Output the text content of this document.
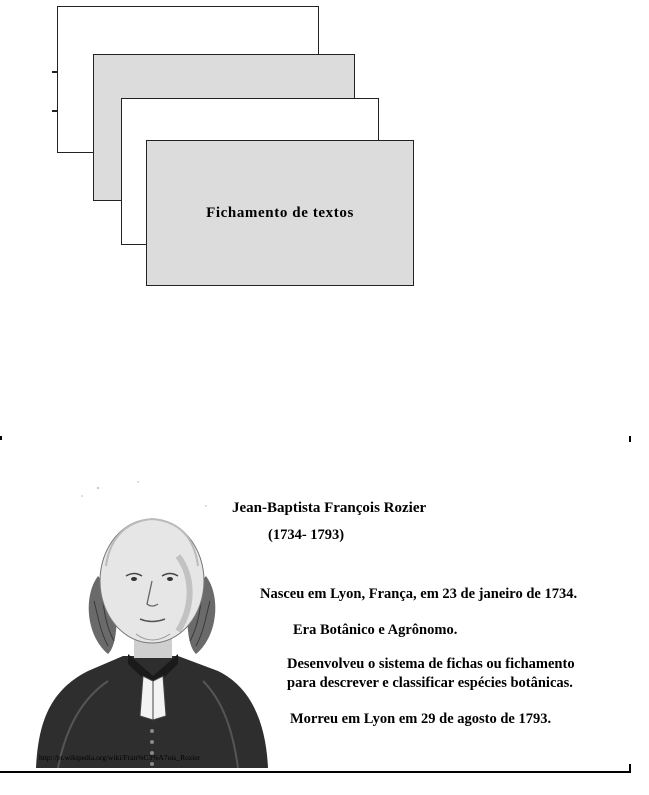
Fichamento de textos
Jean-Baptista François Rozier
(1734- 1793)
Nasceu em Lyon, França, em 23 de janeiro de 1734.
Era Botânico e Agrônomo.
Desenvolveu o sistema de fichas ou fichamento
para descrever e classificar espécies botânicas.
Morreu em Lyon em 29 de agosto de 1793.
http://pt.wikipedia.org/wiki/Fran%C3%A7ois_Rozier
